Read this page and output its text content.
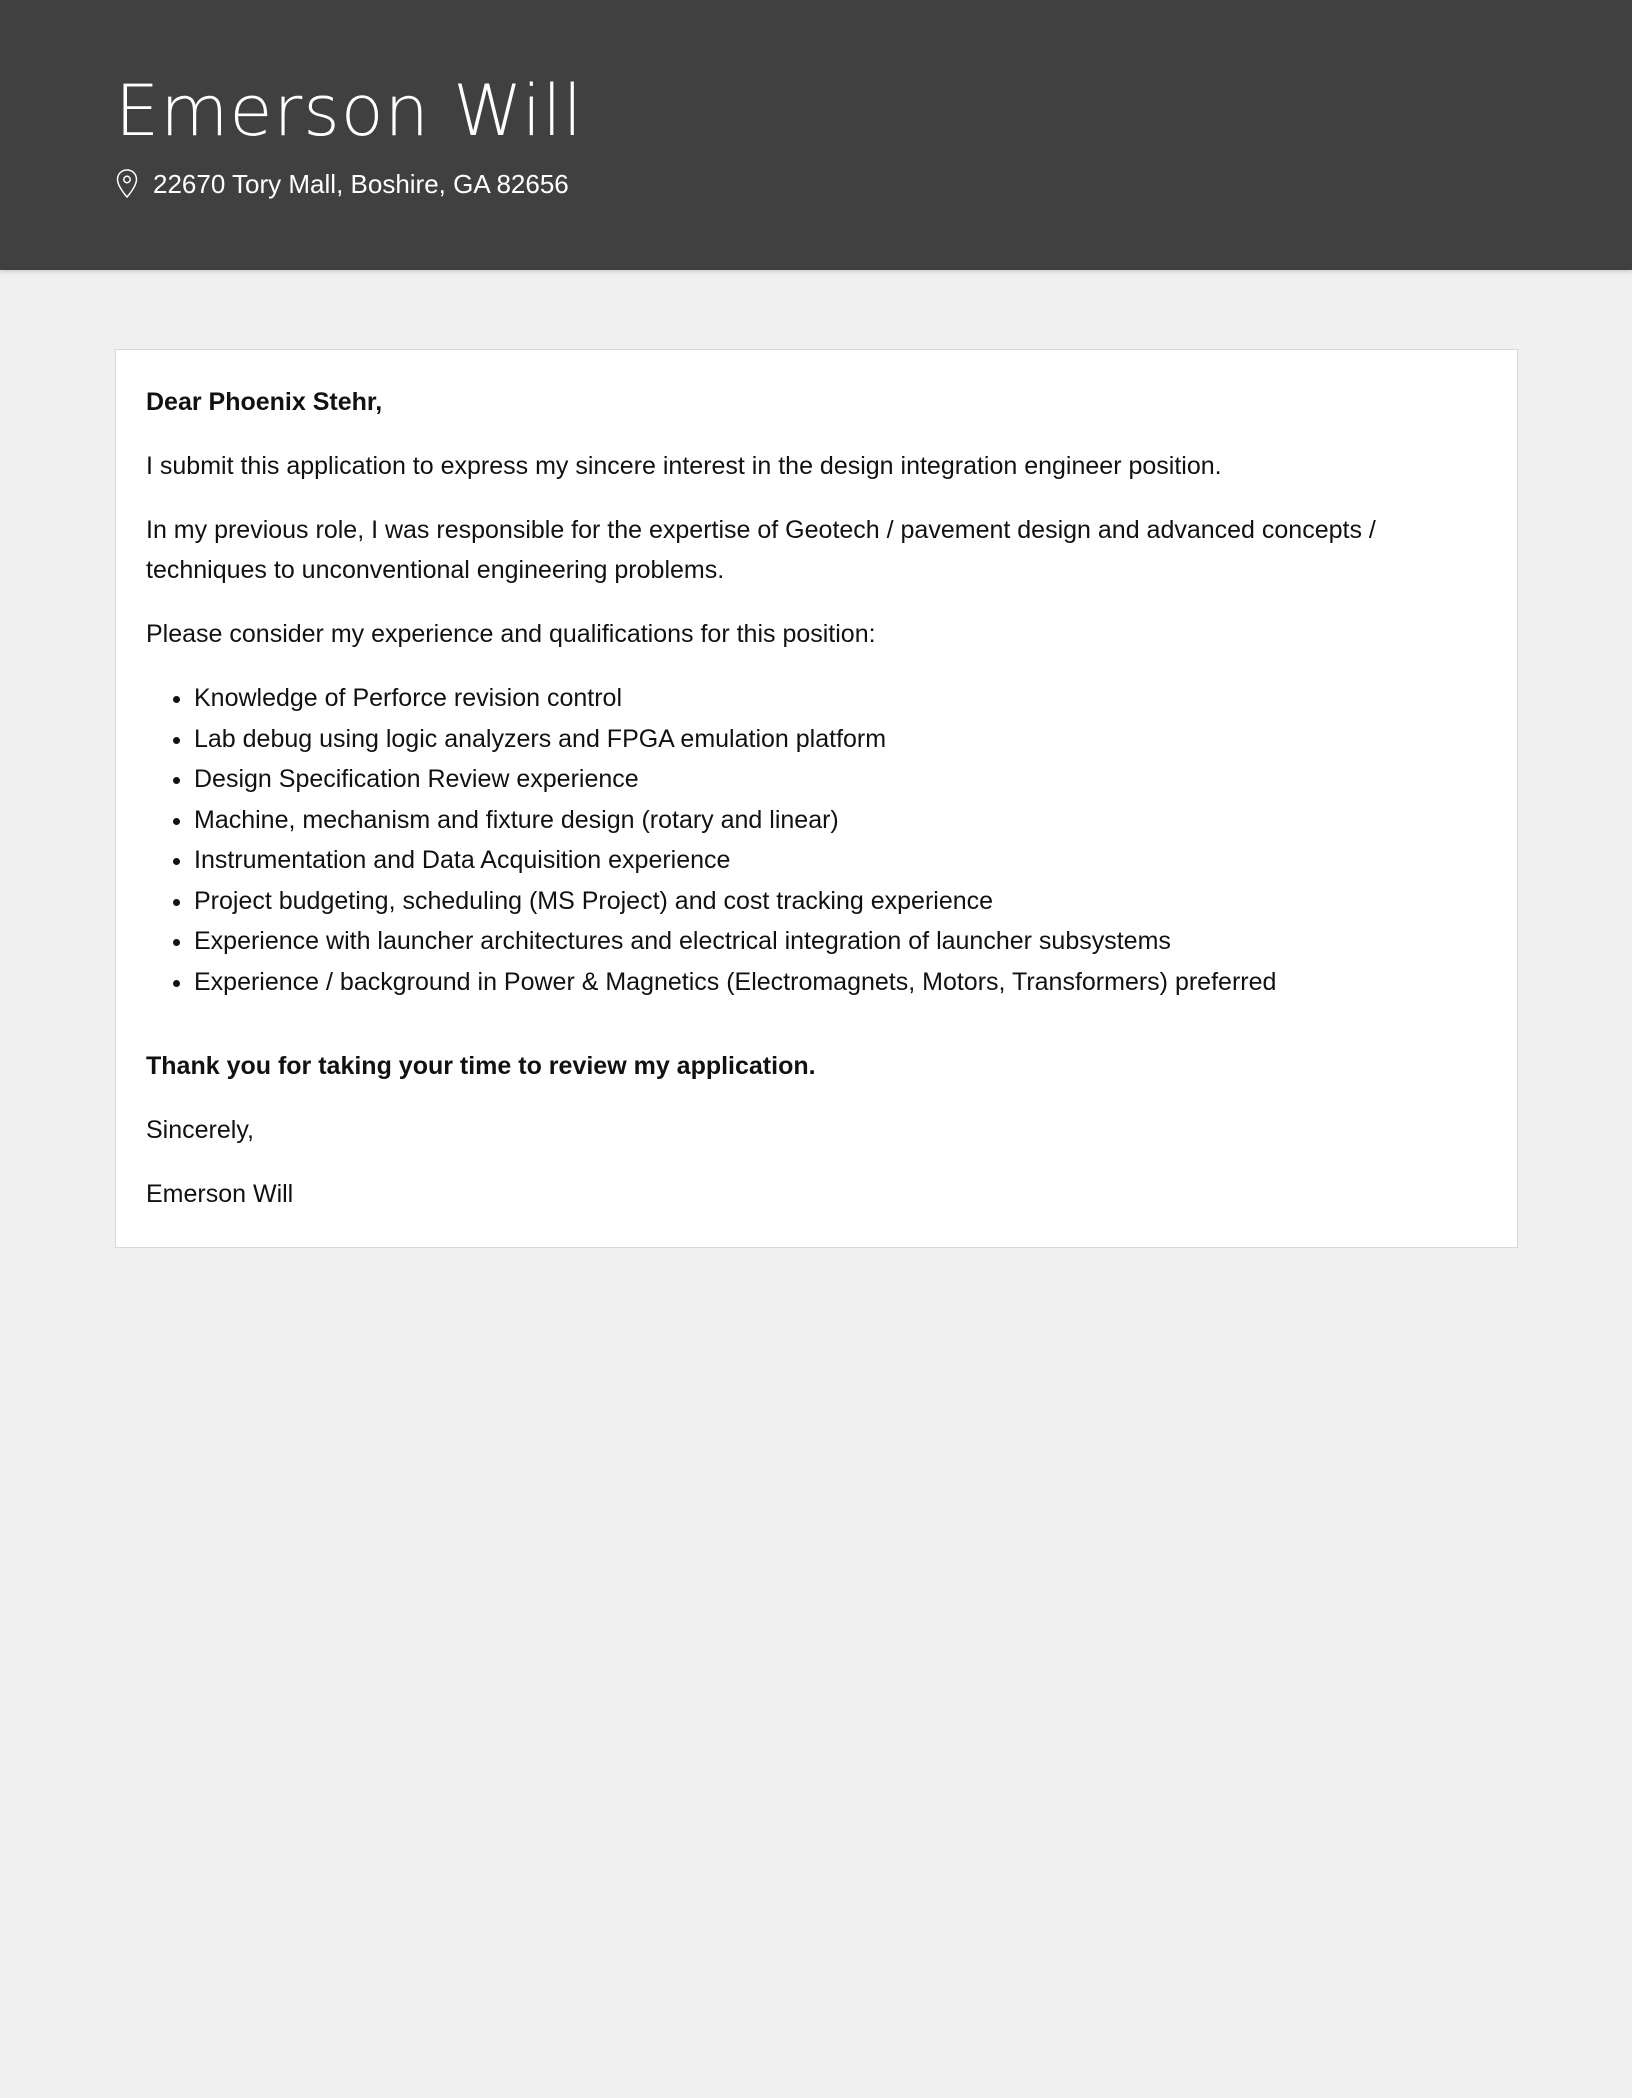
Emerson Will
22670 Tory Mall, Boshire, GA 82656

Dear Phoenix Stehr,

I submit this application to express my sincere interest in the design integration engineer position.

In my previous role, I was responsible for the expertise of Geotech / pavement design and advanced concepts / techniques to unconventional engineering problems.

Please consider my experience and qualifications for this position:

• Knowledge of Perforce revision control
• Lab debug using logic analyzers and FPGA emulation platform
• Design Specification Review experience
• Machine, mechanism and fixture design (rotary and linear)
• Instrumentation and Data Acquisition experience
• Project budgeting, scheduling (MS Project) and cost tracking experience
• Experience with launcher architectures and electrical integration of launcher subsystems
• Experience / background in Power & Magnetics (Electromagnets, Motors, Transformers) preferred

Thank you for taking your time to review my application.

Sincerely,

Emerson Will
